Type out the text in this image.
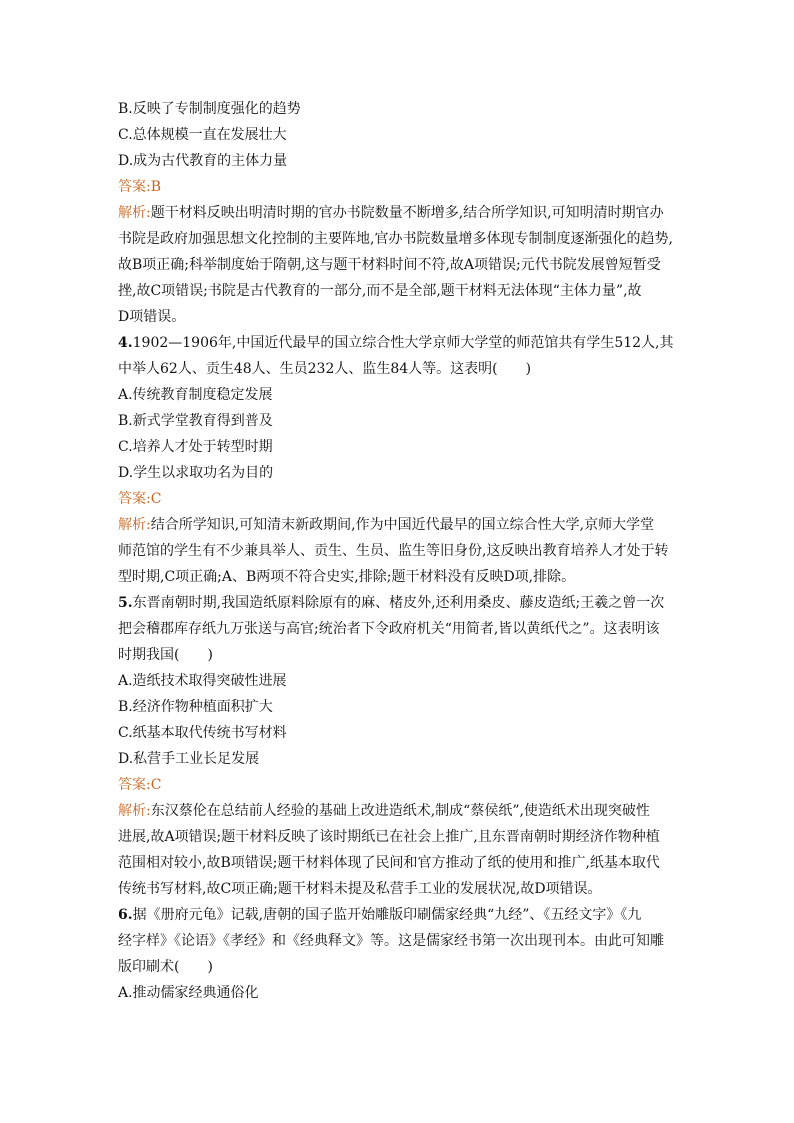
B.反映了专制制度强化的趋势
C.总体规模一直在发展壮大
D.成为古代教育的主体力量
答案:B
解析:题干材料反映出明清时期的官办书院数量不断增多,结合所学知识,可知明清时期官办
书院是政府加强思想文化控制的主要阵地,官办书院数量增多体现专制制度逐渐强化的趋势,
故B项正确;科举制度始于隋朝,这与题干材料时间不符,故A项错误;元代书院发展曾短暂受
挫,故C项错误;书院是古代教育的一部分,而不是全部,题干材料无法体现“主体力量”,故
D项错误。
4.1902—1906年,中国近代最早的国立综合性大学京师大学堂的师范馆共有学生512人,其
中举人62人、贡生48人、生员232人、监生84人等。这表明(　　)
A.传统教育制度稳定发展
B.新式学堂教育得到普及
C.培养人才处于转型时期
D.学生以求取功名为目的
答案:C
解析:结合所学知识,可知清末新政期间,作为中国近代最早的国立综合性大学,京师大学堂
师范馆的学生有不少兼具举人、贡生、生员、监生等旧身份,这反映出教育培养人才处于转
型时期,C项正确;A、B两项不符合史实,排除;题干材料没有反映D项,排除。
5.东晋南朝时期,我国造纸原料除原有的麻、楮皮外,还利用桑皮、藤皮造纸;王羲之曾一次
把会稽郡库存纸九万张送与高官;统治者下令政府机关“用简者,皆以黄纸代之”。这表明该
时期我国(　　)
A.造纸技术取得突破性进展
B.经济作物种植面积扩大
C.纸基本取代传统书写材料
D.私营手工业长足发展
答案:C
解析:东汉蔡伦在总结前人经验的基础上改进造纸术,制成“蔡侯纸”,使造纸术出现突破性
进展,故A项错误;题干材料反映了该时期纸已在社会上推广,且东晋南朝时期经济作物种植
范围相对较小,故B项错误;题干材料体现了民间和官方推动了纸的使用和推广,纸基本取代
传统书写材料,故C项正确;题干材料未提及私营手工业的发展状况,故D项错误。
6.据《册府元龟》记载,唐朝的国子监开始雕版印刷儒家经典“九经”、《五经文字》《九
经字样》《论语》《孝经》和《经典释文》等。这是儒家经书第一次出现刊本。由此可知雕
版印刷术(　　)
A.推动儒家经典通俗化
